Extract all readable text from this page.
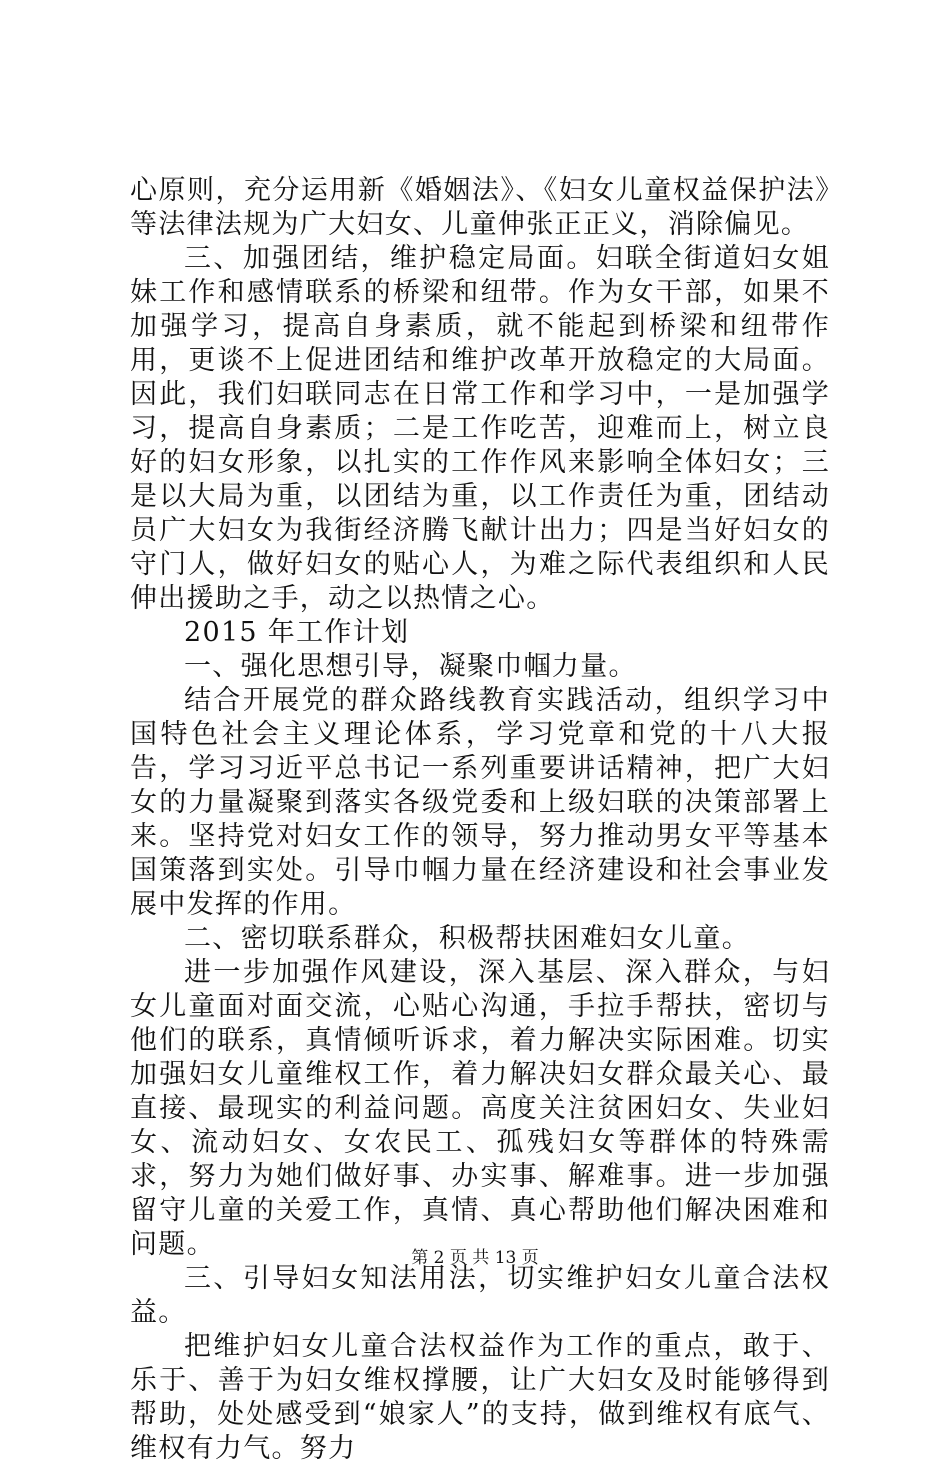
心原则，充分运用新《婚姻法》、《妇女儿童权益保护法》等法律法规为广大妇女、儿童伸张正正义，消除偏见。

三、加强团结，维护稳定局面。妇联全街道妇女姐妹工作和感情联系的桥梁和纽带。作为女干部，如果不加强学习，提高自身素质，就不能起到桥梁和纽带作用，更谈不上促进团结和维护改革开放稳定的大局面。因此，我们妇联同志在日常工作和学习中，一是加强学习，提高自身素质；二是工作吃苦，迎难而上，树立良好的妇女形象，以扎实的工作作风来影响全体妇女；三是以大局为重，以团结为重，以工作责任为重，团结动员广大妇女为我街经济腾飞献计出力；四是当好妇女的守门人，做好妇女的贴心人，为难之际代表组织和人民伸出援助之手，动之以热情之心。

2015 年工作计划

一、强化思想引导，凝聚巾帼力量。

结合开展党的群众路线教育实践活动，组织学习中国特色社会主义理论体系，学习党章和党的十八大报告，学习习近平总书记一系列重要讲话精神，把广大妇女的力量凝聚到落实各级党委和上级妇联的决策部署上来。坚持党对妇女工作的领导，努力推动男女平等基本国策落到实处。引导巾帼力量在经济建设和社会事业发展中发挥的作用。

二、密切联系群众，积极帮扶困难妇女儿童。

进一步加强作风建设，深入基层、深入群众，与妇女儿童面对面交流，心贴心沟通，手拉手帮扶，密切与他们的联系，真情倾听诉求，着力解决实际困难。切实加强妇女儿童维权工作，着力解决妇女群众最关心、最直接、最现实的利益问题。高度关注贫困妇女、失业妇女、流动妇女、女农民工、孤残妇女等群体的特殊需求，努力为她们做好事、办实事、解难事。进一步加强留守儿童的关爱工作，真情、真心帮助他们解决困难和问题。

三、引导妇女知法用法，切实维护妇女儿童合法权益。

把维护妇女儿童合法权益作为工作的重点，敢于、乐于、善于为妇女维权撑腰，让广大妇女及时能够得到帮助，处处感受到“娘家人”的支持，做到维权有底气、维权有力气。努力

第 2 页 共 13 页
